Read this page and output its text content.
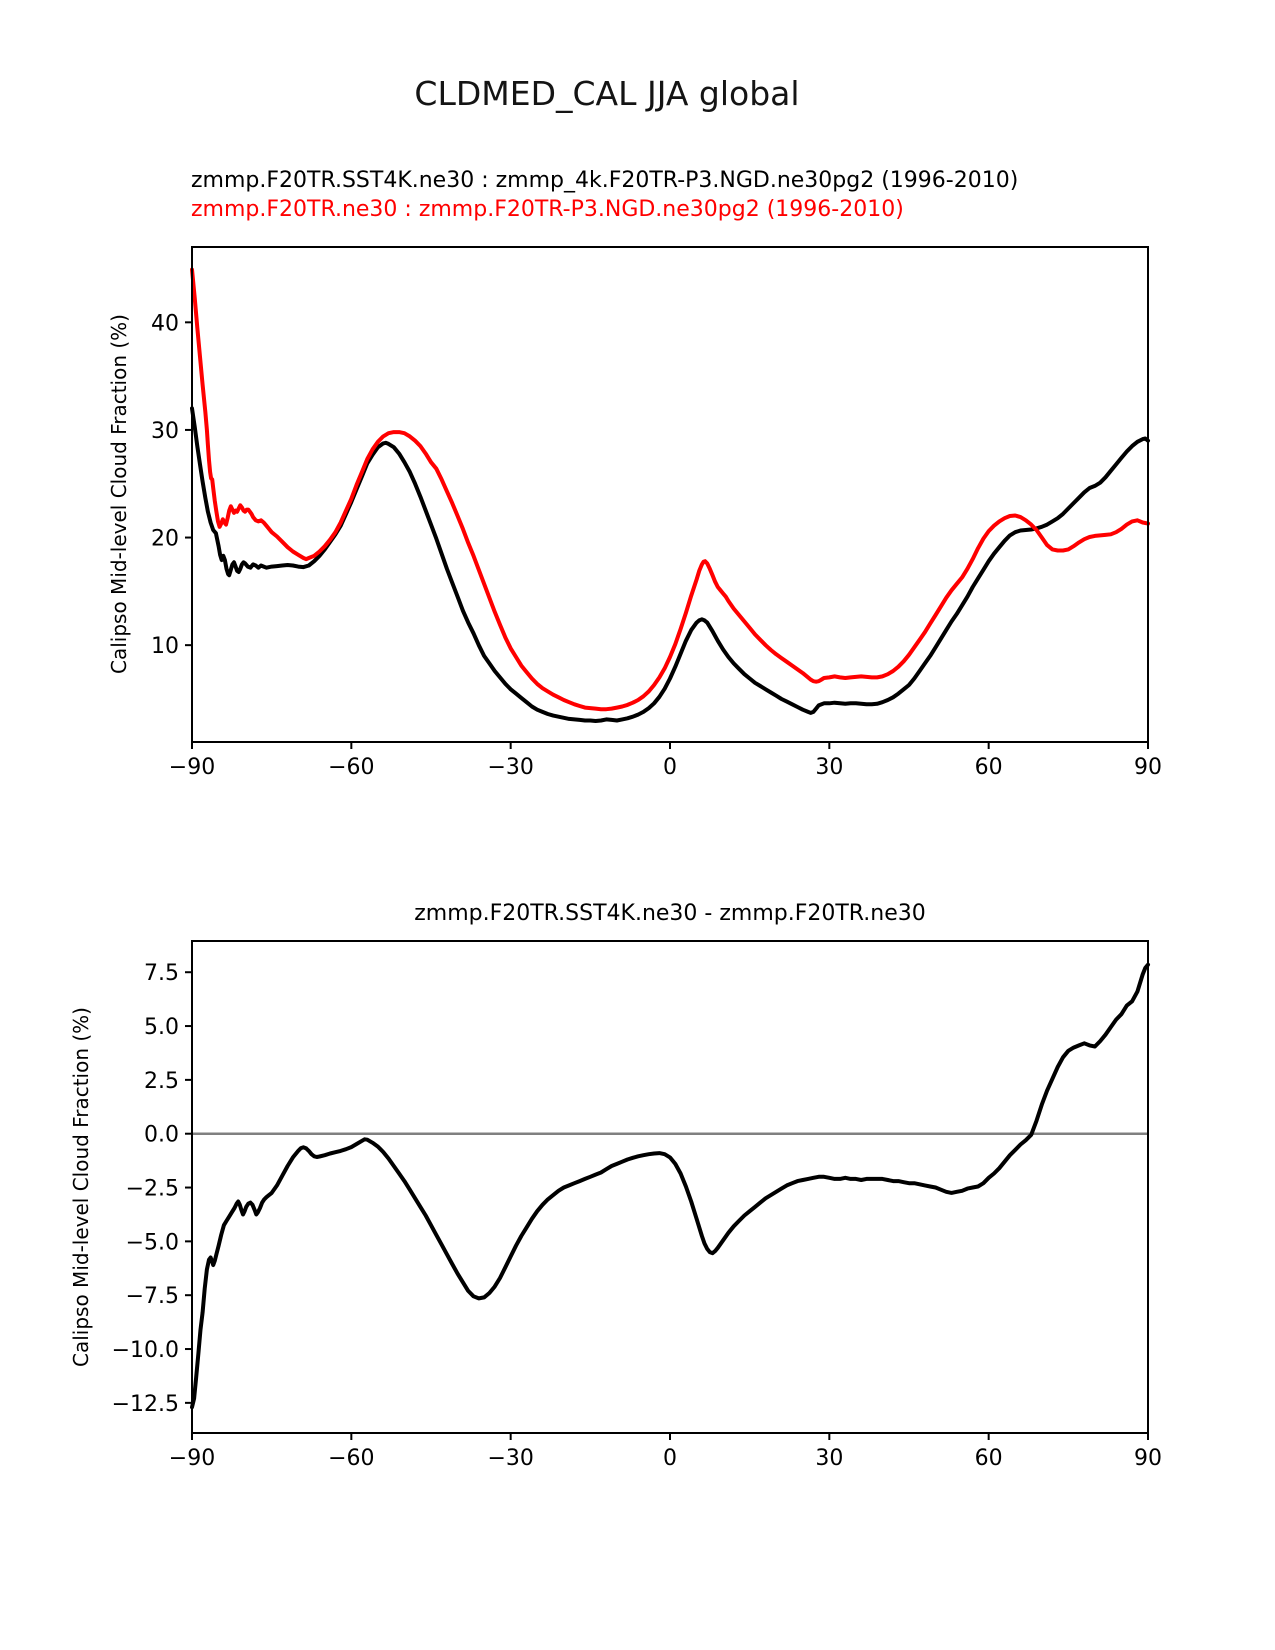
CLDMED_CAL JJA global
zmmp.F20TR.SST4K.ne30 : zmmp_4k.F20TR-P3.NGD.ne30pg2 (1996-2010)
zmmp.F20TR.ne30 : zmmp.F20TR-P3.NGD.ne30pg2 (1996-2010)
zmmp.F20TR.SST4K.ne30 - zmmp.F20TR.ne30
Calipso Mid-level Cloud Fraction (%)
Calipso Mid-level Cloud Fraction (%)
−90	−60	−30	0	30	60	90
40
30
20
10
−90	−60	−30	0	30	60	90
7.5
5.0
2.5
0.0
−2.5
−5.0
−7.5
−10.0
−12.5
